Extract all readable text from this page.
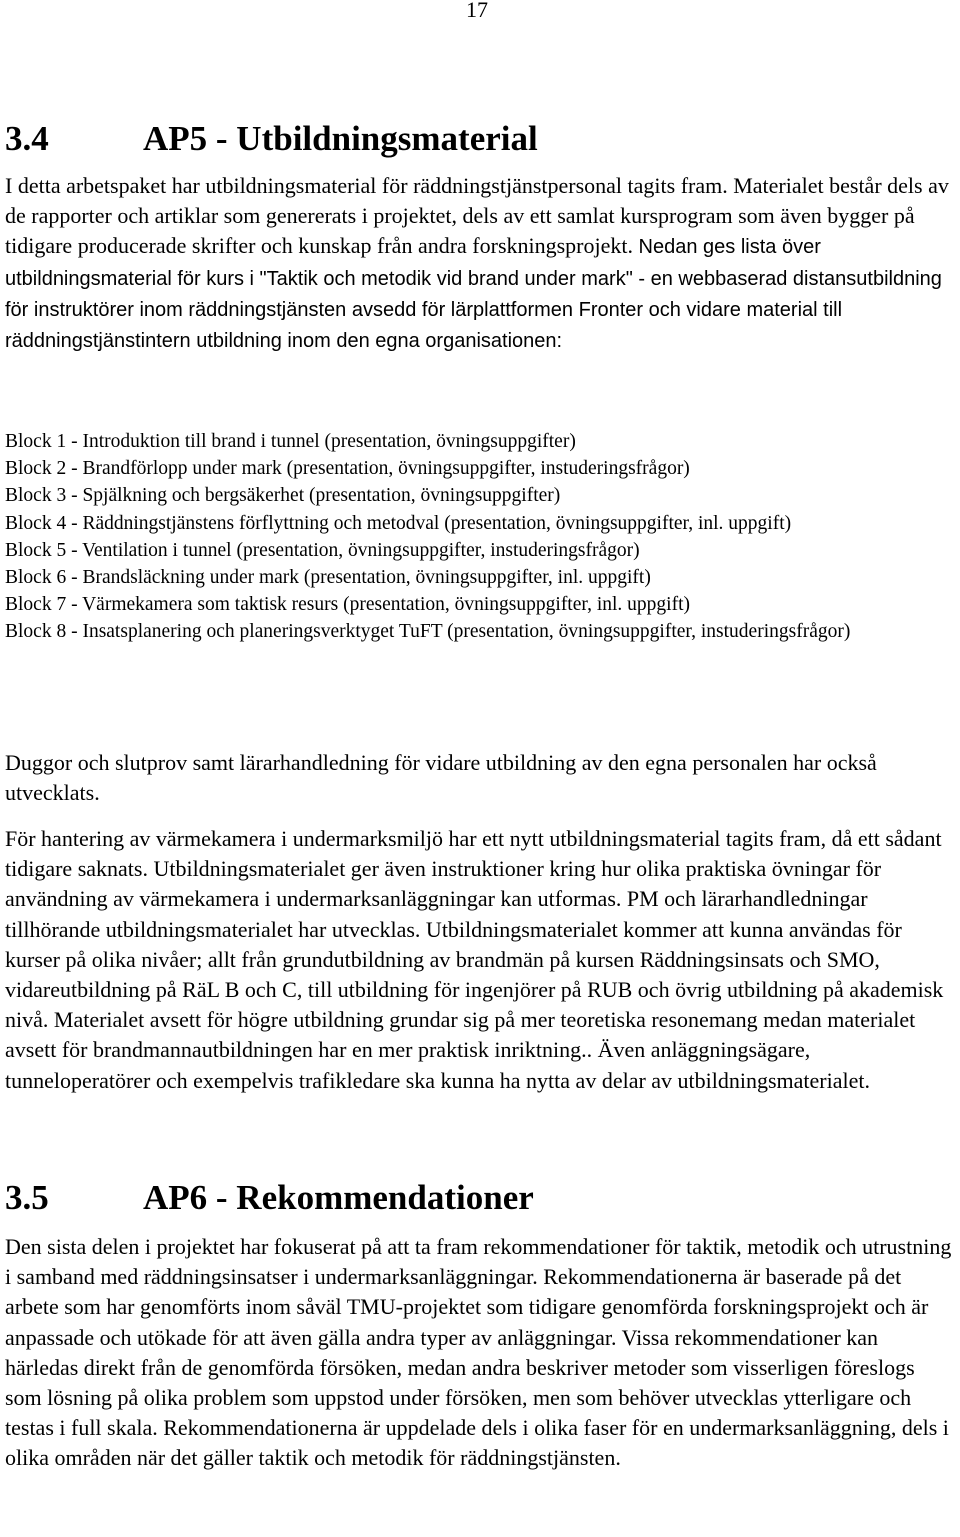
17
3.4	AP5 - Utbildningsmaterial

I detta arbetspaket har utbildningsmaterial för räddningstjänstpersonal tagits fram. Materialet består dels av de rapporter och artiklar som genererats i projektet, dels av ett samlat kursprogram som även bygger på tidigare producerade skrifter och kunskap från andra forskningsprojekt. Nedan ges lista över utbildningsmaterial för kurs i "Taktik och metodik vid brand under mark" - en webbaserad distansutbildning för instruktörer inom räddningstjänsten avsedd för lärplattformen Fronter och vidare material till räddningstjänstintern utbildning inom den egna organisationen:

Block 1 - Introduktion till brand i tunnel (presentation, övningsuppgifter)
Block 2 - Brandförlopp under mark (presentation, övningsuppgifter, instuderingsfrågor)
Block 3 - Spjälkning och bergsäkerhet (presentation, övningsuppgifter)
Block 4 - Räddningstjänstens förflyttning och metodval (presentation, övningsuppgifter, inl. uppgift)
Block 5 - Ventilation i tunnel (presentation, övningsuppgifter, instuderingsfrågor)
Block 6 - Brandsläckning under mark (presentation, övningsuppgifter, inl. uppgift)
Block 7 - Värmekamera som taktisk resurs (presentation, övningsuppgifter, inl. uppgift)
Block 8 - Insatsplanering och planeringsverktyget TuFT (presentation, övningsuppgifter, instuderingsfrågor)

Duggor och slutprov samt lärarhandledning för vidare utbildning av den egna personalen har också utvecklats.

För hantering av värmekamera i undermarksmiljö har ett nytt utbildningsmaterial tagits fram, då ett sådant tidigare saknats. Utbildningsmaterialet ger även instruktioner kring hur olika praktiska övningar för användning av värmekamera i undermarksanläggningar kan utformas. PM och lärarhandledningar tillhörande utbildningsmaterialet har utvecklas. Utbildningsmaterialet kommer att kunna användas för kurser på olika nivåer; allt från grundutbildning av brandmän på kursen Räddningsinsats och SMO, vidareutbildning på RäL B och C, till utbildning för ingenjörer på RUB och övrig utbildning på akademisk nivå. Materialet avsett för högre utbildning grundar sig på mer teoretiska resonemang medan materialet avsett för brandmannautbildningen har en mer praktisk inriktning.. Även anläggningsägare, tunneloperatörer och exempelvis trafikledare ska kunna ha nytta av delar av utbildningsmaterialet.

3.5	AP6 - Rekommendationer

Den sista delen i projektet har fokuserat på att ta fram rekommendationer för taktik, metodik och utrustning i samband med räddningsinsatser i undermarksanläggningar. Rekommendationerna är baserade på det arbete som har genomförts inom såväl TMU-projektet som tidigare genomförda forskningsprojekt och är anpassade och utökade för att även gälla andra typer av anläggningar. Vissa rekommendationer kan härledas direkt från de genomförda försöken, medan andra beskriver metoder som visserligen föreslogs som lösning på olika problem som uppstod under försöken, men som behöver utvecklas ytterligare och testas i full skala. Rekommendationerna är uppdelade dels i olika faser för en undermarksanläggning, dels i olika områden när det gäller taktik och metodik för räddningstjänsten.
